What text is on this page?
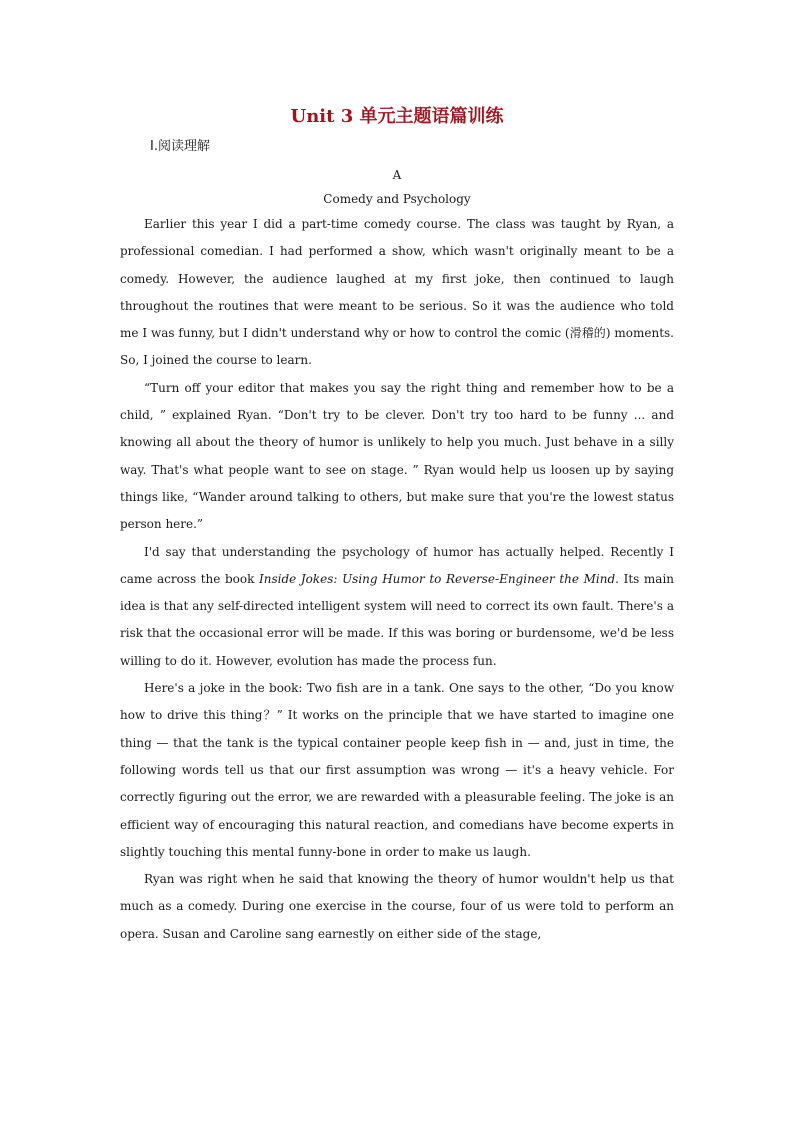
Unit 3 单元主题语篇训练
Ⅰ.阅读理解
A
Comedy and Psychology

Earlier this year I did a part-time comedy course. The class was taught by Ryan, a professional comedian. I had performed a show, which wasn't originally meant to be a comedy. However, the audience laughed at my first joke, then continued to laugh throughout the routines that were meant to be serious. So it was the audience who told me I was funny, but I didn't understand why or how to control the comic (滑稽的) moments. So, I joined the course to learn.

“Turn off your editor that makes you say the right thing and remember how to be a child, ” explained Ryan. “Don't try to be clever. Don't try too hard to be funny ... and knowing all about the theory of humor is unlikely to help you much. Just behave in a silly way. That's what people want to see on stage. ” Ryan would help us loosen up by saying things like, “Wander around talking to others, but make sure that you're the lowest status person here.”

I'd say that understanding the psychology of humor has actually helped. Recently I came across the book Inside Jokes: Using Humor to Reverse-Engineer the Mind. Its main idea is that any self-directed intelligent system will need to correct its own fault. There's a risk that the occasional error will be made. If this was boring or burdensome, we'd be less willing to do it. However, evolution has made the process fun.

Here's a joke in the book: Two fish are in a tank. One says to the other, “Do you know how to drive this thing？” It works on the principle that we have started to imagine one thing — that the tank is the typical container people keep fish in — and, just in time, the following words tell us that our first assumption was wrong — it's a heavy vehicle. For correctly figuring out the error, we are rewarded with a pleasurable feeling. The joke is an efficient way of encouraging this natural reaction, and comedians have become experts in slightly touching this mental funny-bone in order to make us laugh.

Ryan was right when he said that knowing the theory of humor wouldn't help us that much as a comedy. During one exercise in the course, four of us were told to perform an opera. Susan and Caroline sang earnestly on either side of the stage,
